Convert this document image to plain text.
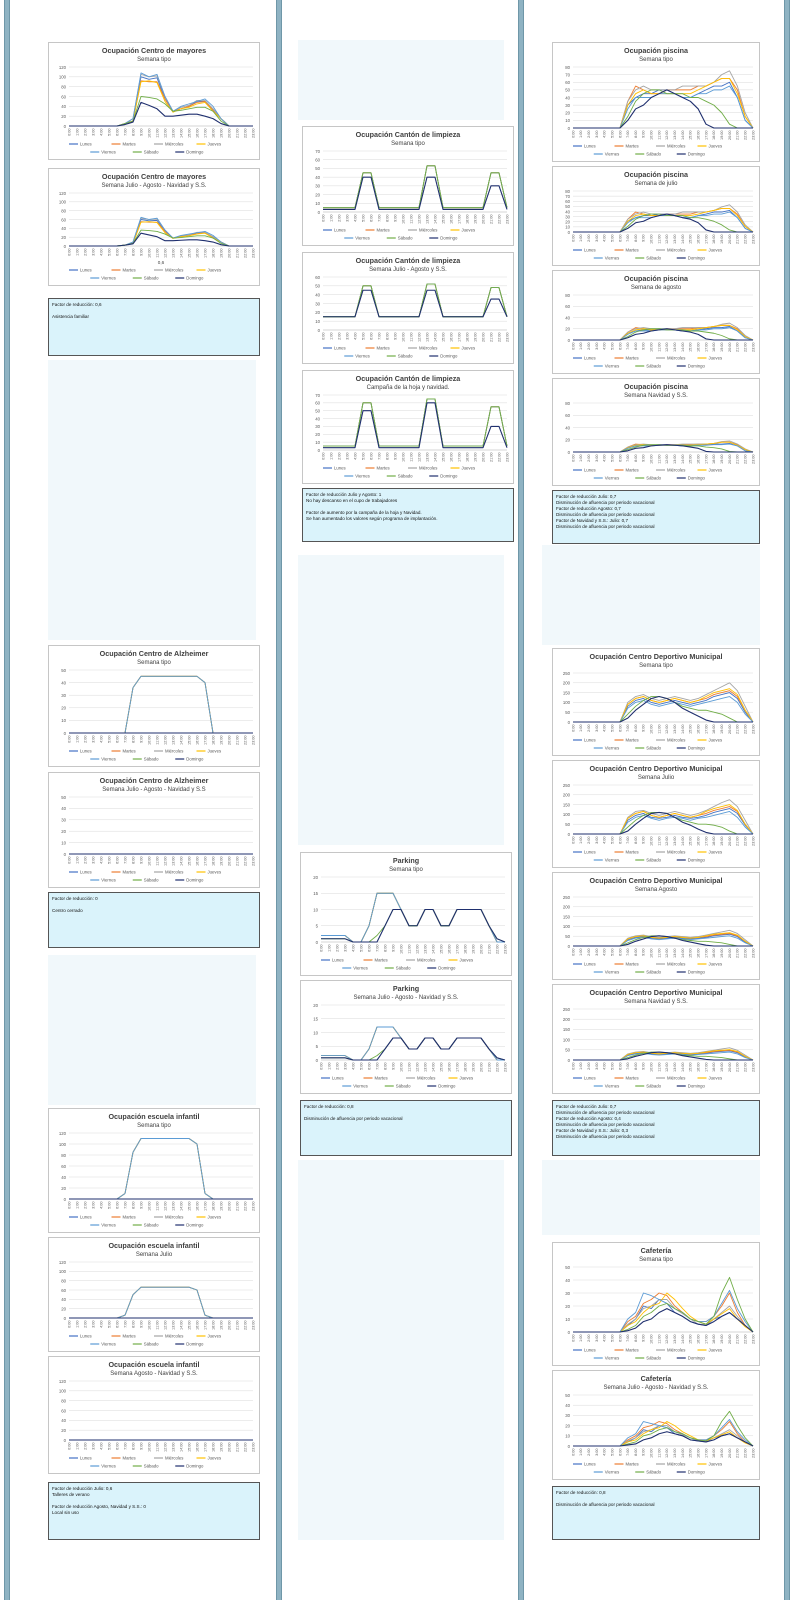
Ocupación Centro de mayores
Semana tipo
0
20
40
60
80
100
120
0:00 1:00 2:00 3:00 4:00 5:00 6:00 7:00 8:00 9:00 10:00 11:00 12:00 13:00 14:00 15:00 16:00 17:00 18:00 19:00 20:00 21:00 22:00 23:00
Lunes	Martes	Miércoles	Jueves
Viernes	Sábado	Domingo
Ocupación Centro de mayores
Semana Julio - Agosto - Navidad y S.S.
0
20
40
60
80
100
120
0:00 1:00 2:00 3:00 4:00 5:00 6:00 7:00 8:00 9:00 10:00 11:00 12:00 13:00 14:00 15:00 16:00 17:00 18:00 19:00 20:00 21:00 22:00 23:00
0,6
Lunes	Martes	Miércoles	Jueves
Viernes	Sábado	Domingo
Factor de reducción: 0,6
Asistencia familiar
Ocupación Centro de Alzheimer
Semana tipo
0
10
20
30
40
50
0:00 1:00 2:00 3:00 4:00 5:00 6:00 7:00 8:00 9:00 10:00 11:00 12:00 13:00 14:00 15:00 16:00 17:00 18:00 19:00 20:00 21:00 22:00 23:00
Lunes	Martes	Miércoles	Jueves
Viernes	Sábado	Domingo
Ocupación Centro de Alzheimer
Semana Julio - Agosto - Navidad y S.S
0
10
20
30
40
50
0:00 1:00 2:00 3:00 4:00 5:00 6:00 7:00 8:00 9:00 10:00 11:00 12:00 13:00 14:00 15:00 16:00 17:00 18:00 19:00 20:00 21:00 22:00 23:00
Lunes	Martes	Miércoles	Jueves
Viernes	Sábado	Domingo
Factor de reducción: 0
Centro cerrado
Ocupación escuela infantil
Semana tipo
0
20
40
60
80
100
120
0:00 1:00 2:00 3:00 4:00 5:00 6:00 7:00 8:00 9:00 10:00 11:00 12:00 13:00 14:00 15:00 16:00 17:00 18:00 19:00 20:00 21:00 22:00 23:00
Lunes	Martes	Miércoles	Jueves
Viernes	Sábado	Domingo
Ocupación escuela infantil
Semana Julio
0
20
40
60
80
100
120
0:00 1:00 2:00 3:00 4:00 5:00 6:00 7:00 8:00 9:00 10:00 11:00 12:00 13:00 14:00 15:00 16:00 17:00 18:00 19:00 20:00 21:00 22:00 23:00
Lunes	Martes	Miércoles	Jueves
Viernes	Sábado	Domingo
Ocupación escuela infantil
Semana Agosto - Navidad y S.S.
0
20
40
60
80
100
120
0:00 1:00 2:00 3:00 4:00 5:00 6:00 7:00 8:00 9:00 10:00 11:00 12:00 13:00 14:00 15:00 16:00 17:00 18:00 19:00 20:00 21:00 22:00 23:00
Lunes	Martes	Miércoles	Jueves
Viernes	Sábado	Domingo
Factor de reducción Julio: 0,6
Talleres de verano
Factor de reducción Agosto, Navidad y S.S.: 0
Local sin uso
Ocupación Cantón de limpieza
Semana tipo
0
10
20
30
40
50
60
70
0:00 1:00 2:00 3:00 4:00 5:00 6:00 7:00 8:00 9:00 10:00 11:00 12:00 13:00 14:00 15:00 16:00 17:00 18:00 19:00 20:00 21:00 22:00 23:00
Lunes	Martes	Miércoles	Jueves
Viernes	Sábado	Domingo
Ocupación Cantón de limpieza
Semana Julio - Agosto y S.S.
0
10
20
30
40
50
60
0:00 1:00 2:00 3:00 4:00 5:00 6:00 7:00 8:00 9:00 10:00 11:00 12:00 13:00 14:00 15:00 16:00 17:00 18:00 19:00 20:00 21:00 22:00 23:00
Lunes	Martes	Miércoles	Jueves
Viernes	Sábado	Domingo
Ocupación Cantón de limpieza
Campaña de la hoja y navidad.
0
10
20
30
40
50
60
70
0:00 1:00 2:00 3:00 4:00 5:00 6:00 7:00 8:00 9:00 10:00 11:00 12:00 13:00 14:00 15:00 16:00 17:00 18:00 19:00 20:00 21:00 22:00 23:00
Lunes	Martes	Miércoles	Jueves
Viernes	Sábado	Domingo
Factor de reducción Julio y Agosto: 1
No hay descanso en el cupo de trabajadores
Factor de aumento por la campaña de la hoja y Navidad.
Se han aumentado los valores según programa de implantación.
Parking
Semana tipo
0
5
10
15
20
0:00 1:00 2:00 3:00 4:00 5:00 6:00 7:00 8:00 9:00 10:00 11:00 12:00 13:00 14:00 15:00 16:00 17:00 18:00 19:00 20:00 21:00 22:00 23:00
Lunes	Martes	Miércoles	Jueves
Viernes	Sábado	Domingo
Parking
Semana Julio - Agosto - Navidad y S.S.
0
5
10
15
20
0:00 1:00 2:00 3:00 4:00 5:00 6:00 7:00 8:00 9:00 10:00 11:00 12:00 13:00 14:00 15:00 16:00 17:00 18:00 19:00 20:00 21:00 22:00 23:00
Lunes	Martes	Miércoles	Jueves
Viernes	Sábado	Domingo
Factor de reducción: 0,8
Disminución de afluencia por periodo vacacional
Ocupación piscina
Semana tipo
0
10
20
30
40
50
60
70
80
0:00 1:00 2:00 3:00 4:00 5:00 6:00 7:00 8:00 9:00 10:00 11:00 12:00 13:00 14:00 15:00 16:00 17:00 18:00 19:00 20:00 21:00 22:00 23:00
Lunes	Martes	Miércoles	Jueves
Viernes	Sábado	Domingo
Ocupación piscina
Semana de julio
0
10
20
30
40
50
60
70
80
0:00 1:00 2:00 3:00 4:00 5:00 6:00 7:00 8:00 9:00 10:00 11:00 12:00 13:00 14:00 15:00 16:00 17:00 18:00 19:00 20:00 21:00 22:00 23:00
Lunes	Martes	Miércoles	Jueves
Viernes	Sábado	Domingo
Ocupación piscina
Semana de agosto
0
20
40
60
80
0:00 1:00 2:00 3:00 4:00 5:00 6:00 7:00 8:00 9:00 10:00 11:00 12:00 13:00 14:00 15:00 16:00 17:00 18:00 19:00 20:00 21:00 22:00 23:00
Lunes	Martes	Miércoles	Jueves
Viernes	Sábado	Domingo
Ocupación piscina
Semana Navidad y S.S.
0
20
40
60
80
0:00 1:00 2:00 3:00 4:00 5:00 6:00 7:00 8:00 9:00 10:00 11:00 12:00 13:00 14:00 15:00 16:00 17:00 18:00 19:00 20:00 21:00 22:00 23:00
Lunes	Martes	Miércoles	Jueves
Viernes	Sábado	Domingo
Factor de reducción Julio: 0,7
Disminución de afluencia por periodo vacacional
Factor de reducción Agosto: 0,7
Disminución de afluencia por periodo vacacional
Factor de Navidad y S.S.: Julio: 0,7
Disminución de afluencia por periodo vacacional
Ocupación Centro Deportivo Municipal
Semana tipo
0
50
100
150
200
250
0:00 1:00 2:00 3:00 4:00 5:00 6:00 7:00 8:00 9:00 10:00 11:00 12:00 13:00 14:00 15:00 16:00 17:00 18:00 19:00 20:00 21:00 22:00 23:00
Lunes	Martes	Miércoles	Jueves
Viernes	Sábado	Domingo
Ocupación Centro Deportivo Municipal
Semana Julio
0
50
100
150
200
250
0:00 1:00 2:00 3:00 4:00 5:00 6:00 7:00 8:00 9:00 10:00 11:00 12:00 13:00 14:00 15:00 16:00 17:00 18:00 19:00 20:00 21:00 22:00 23:00
Lunes	Martes	Miércoles	Jueves
Viernes	Sábado	Domingo
Ocupación Centro Deportivo Municipal
Semana Agosto
0
50
100
150
200
250
0:00 1:00 2:00 3:00 4:00 5:00 6:00 7:00 8:00 9:00 10:00 11:00 12:00 13:00 14:00 15:00 16:00 17:00 18:00 19:00 20:00 21:00 22:00 23:00
Lunes	Martes	Miércoles	Jueves
Viernes	Sábado	Domingo
Ocupación Centro Deportivo Municipal
Semana Navidad y S.S.
0
50
100
150
200
250
0:00 1:00 2:00 3:00 4:00 5:00 6:00 7:00 8:00 9:00 10:00 11:00 12:00 13:00 14:00 15:00 16:00 17:00 18:00 19:00 20:00 21:00 22:00 23:00
Lunes	Martes	Miércoles	Jueves
Viernes	Sábado	Domingo
Factor de reducción Julio: 0,7
Disminución de afluencia por periodo vacacional
Factor de reducción Agosto: 0,4
Disminución de afluencia por periodo vacacional
Factor de Navidad y S.S.: Julio: 0,3
Disminución de afluencia por periodo vacacional
Cafetería
Semana tipo
0
10
20
30
40
50
0:00 1:00 2:00 3:00 4:00 5:00 6:00 7:00 8:00 9:00 10:00 11:00 12:00 13:00 14:00 15:00 16:00 17:00 18:00 19:00 20:00 21:00 22:00 23:00
Lunes	Martes	Miércoles	Jueves
Viernes	Sábado	Domingo
Cafetería
Semana Julio - Agosto - Navidad y S.S.
0
10
20
30
40
50
0:00 1:00 2:00 3:00 4:00 5:00 6:00 7:00 8:00 9:00 10:00 11:00 12:00 13:00 14:00 15:00 16:00 17:00 18:00 19:00 20:00 21:00 22:00 23:00
Lunes	Martes	Miércoles	Jueves
Viernes	Sábado	Domingo
Factor de reducción: 0,8
Disminución de afluencia por periodo vacacional
